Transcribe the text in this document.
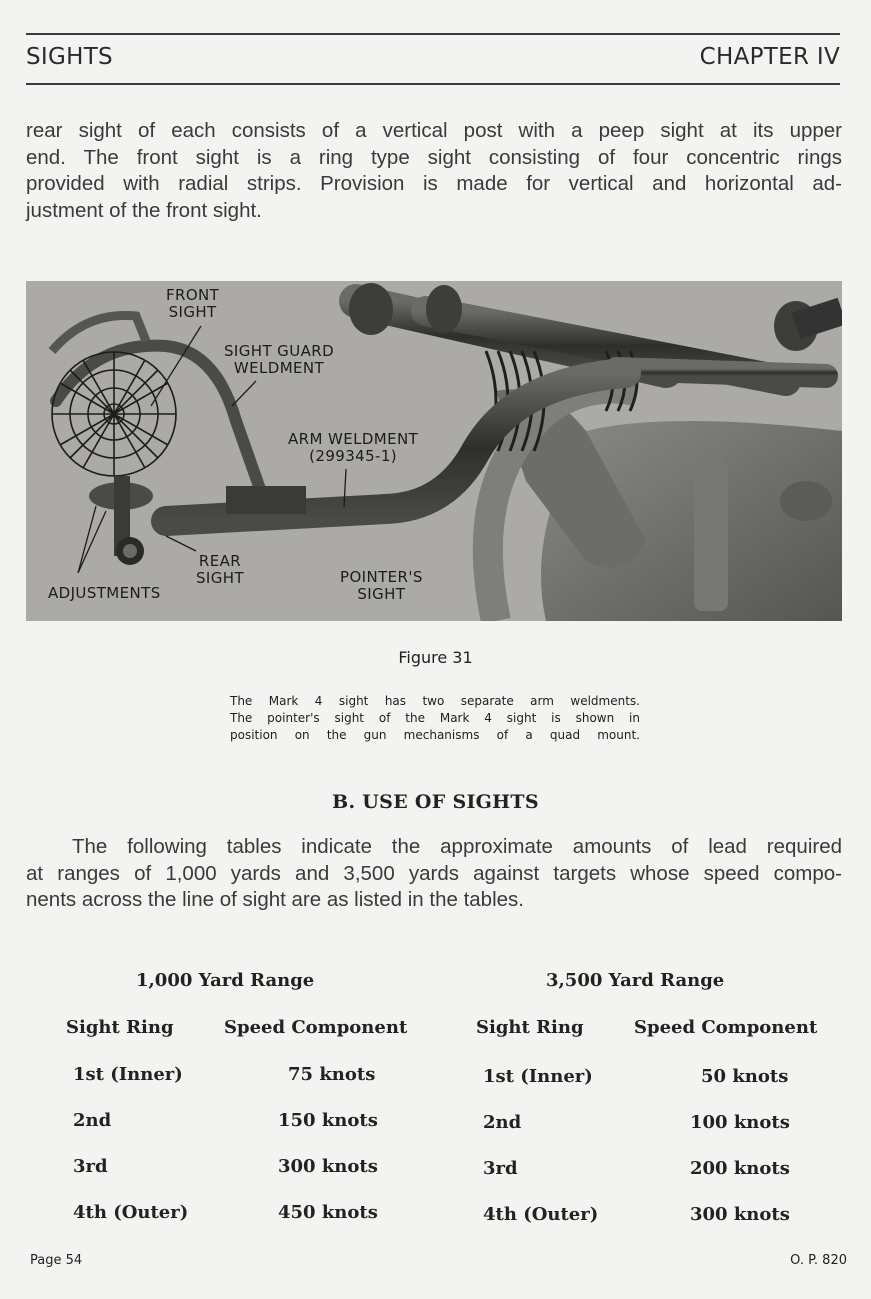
SIGHTS	CHAPTER IV
rear sight of each consists of a vertical post with a peep sight at its upper
end. The front sight is a ring type sight consisting of four concentric rings
provided with radial strips. Provision is made for vertical and horizontal ad-
justment of the front sight.
FRONT
SIGHT
SIGHT GUARD
WELDMENT
ARM WELDMENT
(299345-1)
REAR
SIGHT
ADJUSTMENTS
POINTER'S
SIGHT
Figure 31
The Mark 4 sight has two separate arm weldments.
The pointer's sight of the Mark 4 sight is shown in
position on the gun mechanisms of a quad mount.
B. USE OF SIGHTS
The following tables indicate the approximate amounts of lead required
at ranges of 1,000 yards and 3,500 yards against targets whose speed compo-
nents across the line of sight are as listed in the tables.
1,000 Yard Range
Sight Ring	Speed Component
1st (Inner)	75 knots
2nd	150 knots
3rd	300 knots
4th (Outer)	450 knots
3,500 Yard Range
Sight Ring	Speed Component
1st (Inner)	50 knots
2nd	100 knots
3rd	200 knots
4th (Outer)	300 knots
Page 54	O. P. 820
